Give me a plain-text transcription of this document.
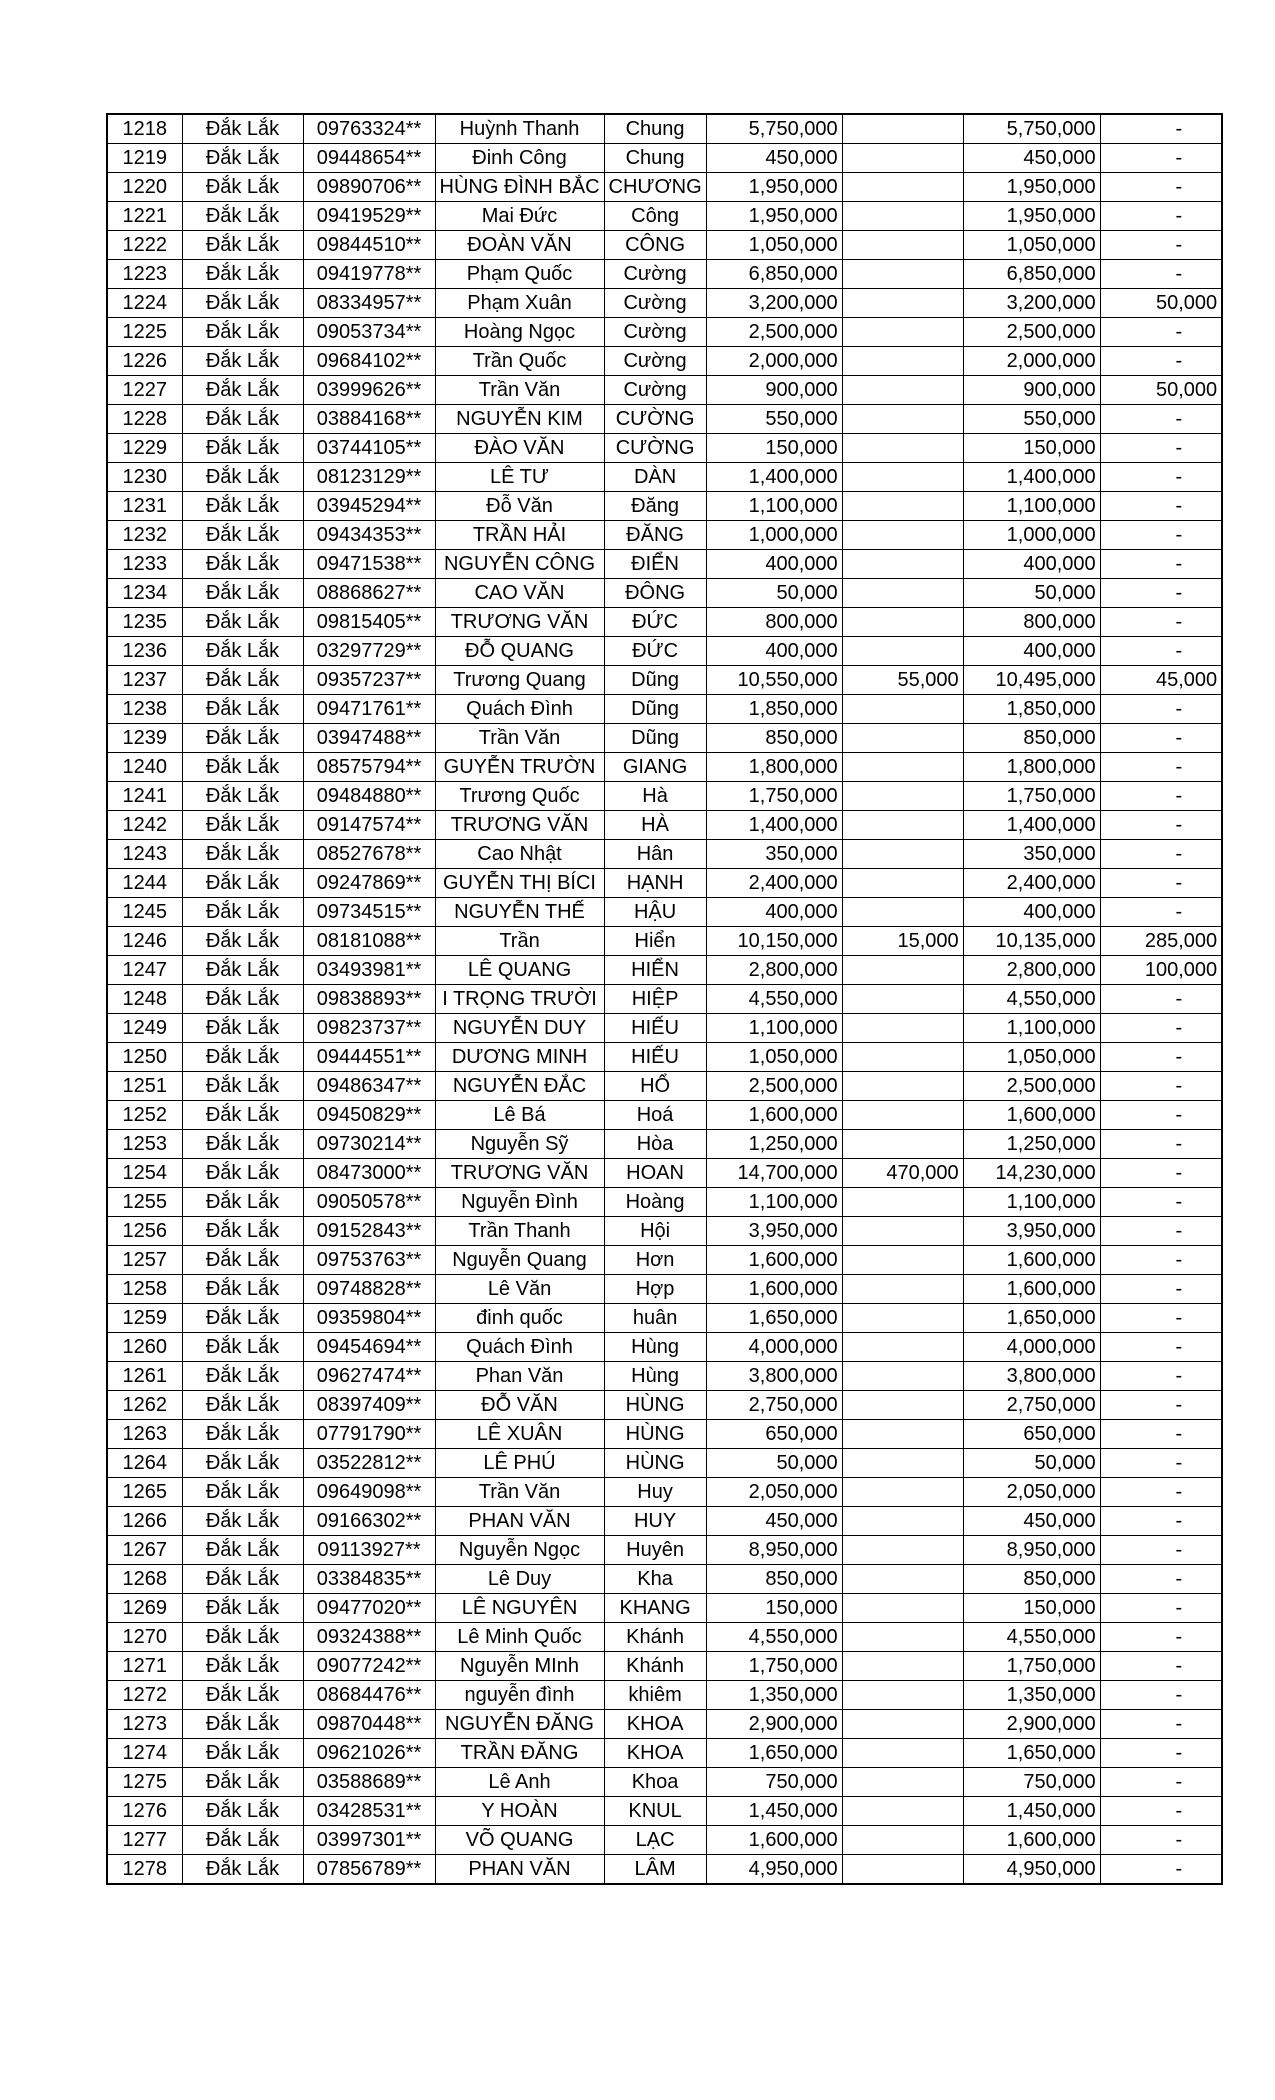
1218	Đắk Lắk	09763324**	Huỳnh Thanh	Chung	5,750,000		5,750,000	-
1219	Đắk Lắk	09448654**	Đinh Công	Chung	450,000		450,000	-
1220	Đắk Lắk	09890706**	HÙNG ĐÌNH BẮC	CHƯƠNG	1,950,000		1,950,000	-
1221	Đắk Lắk	09419529**	Mai Đức	Công	1,950,000		1,950,000	-
1222	Đắk Lắk	09844510**	ĐOÀN VĂN	CÔNG	1,050,000		1,050,000	-
1223	Đắk Lắk	09419778**	Phạm Quốc	Cường	6,850,000		6,850,000	-
1224	Đắk Lắk	08334957**	Phạm Xuân	Cường	3,200,000		3,200,000	50,000
1225	Đắk Lắk	09053734**	Hoàng Ngọc	Cường	2,500,000		2,500,000	-
1226	Đắk Lắk	09684102**	Trần Quốc	Cường	2,000,000		2,000,000	-
1227	Đắk Lắk	03999626**	Trần Văn	Cường	900,000		900,000	50,000
1228	Đắk Lắk	03884168**	NGUYỄN KIM	CƯỜNG	550,000		550,000	-
1229	Đắk Lắk	03744105**	ĐÀO VĂN	CƯỜNG	150,000		150,000	-
1230	Đắk Lắk	08123129**	LÊ TƯ	DÀN	1,400,000		1,400,000	-
1231	Đắk Lắk	03945294**	Đỗ Văn	Đăng	1,100,000		1,100,000	-
1232	Đắk Lắk	09434353**	TRẦN HẢI	ĐĂNG	1,000,000		1,000,000	-
1233	Đắk Lắk	09471538**	NGUYỄN CÔNG	ĐIỂN	400,000		400,000	-
1234	Đắk Lắk	08868627**	CAO VĂN	ĐÔNG	50,000		50,000	-
1235	Đắk Lắk	09815405**	TRƯƠNG VĂN	ĐỨC	800,000		800,000	-
1236	Đắk Lắk	03297729**	ĐỖ QUANG	ĐỨC	400,000		400,000	-
1237	Đắk Lắk	09357237**	Trương Quang	Dũng	10,550,000	55,000	10,495,000	45,000
1238	Đắk Lắk	09471761**	Quách Đình	Dũng	1,850,000		1,850,000	-
1239	Đắk Lắk	03947488**	Trần Văn	Dũng	850,000		850,000	-
1240	Đắk Lắk	08575794**	GUYỄN TRƯỜN	GIANG	1,800,000		1,800,000	-
1241	Đắk Lắk	09484880**	Trương Quốc	Hà	1,750,000		1,750,000	-
1242	Đắk Lắk	09147574**	TRƯƠNG VĂN	HÀ	1,400,000		1,400,000	-
1243	Đắk Lắk	08527678**	Cao Nhật	Hân	350,000		350,000	-
1244	Đắk Lắk	09247869**	GUYỄN THỊ BÍCI	HẠNH	2,400,000		2,400,000	-
1245	Đắk Lắk	09734515**	NGUYỄN THẾ	HẬU	400,000		400,000	-
1246	Đắk Lắk	08181088**	Trần	Hiển	10,150,000	15,000	10,135,000	285,000
1247	Đắk Lắk	03493981**	LÊ QUANG	HIỂN	2,800,000		2,800,000	100,000
1248	Đắk Lắk	09838893**	I TRỌNG TRƯỜI	HIỆP	4,550,000		4,550,000	-
1249	Đắk Lắk	09823737**	NGUYỄN DUY	HIẾU	1,100,000		1,100,000	-
1250	Đắk Lắk	09444551**	DƯƠNG MINH	HIẾU	1,050,000		1,050,000	-
1251	Đắk Lắk	09486347**	NGUYỄN ĐẮC	HỔ	2,500,000		2,500,000	-
1252	Đắk Lắk	09450829**	Lê Bá	Hoá	1,600,000		1,600,000	-
1253	Đắk Lắk	09730214**	Nguyễn Sỹ	Hòa	1,250,000		1,250,000	-
1254	Đắk Lắk	08473000**	TRƯƠNG VĂN	HOAN	14,700,000	470,000	14,230,000	-
1255	Đắk Lắk	09050578**	Nguyễn Đình	Hoàng	1,100,000		1,100,000	-
1256	Đắk Lắk	09152843**	Trần Thanh	Hội	3,950,000		3,950,000	-
1257	Đắk Lắk	09753763**	Nguyễn Quang	Hơn	1,600,000		1,600,000	-
1258	Đắk Lắk	09748828**	Lê Văn	Hợp	1,600,000		1,600,000	-
1259	Đắk Lắk	09359804**	đinh quốc	huân	1,650,000		1,650,000	-
1260	Đắk Lắk	09454694**	Quách Đình	Hùng	4,000,000		4,000,000	-
1261	Đắk Lắk	09627474**	Phan Văn	Hùng	3,800,000		3,800,000	-
1262	Đắk Lắk	08397409**	ĐỖ VĂN	HÙNG	2,750,000		2,750,000	-
1263	Đắk Lắk	07791790**	LÊ XUÂN	HÙNG	650,000		650,000	-
1264	Đắk Lắk	03522812**	LÊ PHÚ	HÙNG	50,000		50,000	-
1265	Đắk Lắk	09649098**	Trần Văn	Huy	2,050,000		2,050,000	-
1266	Đắk Lắk	09166302**	PHAN VĂN	HUY	450,000		450,000	-
1267	Đắk Lắk	09113927**	Nguyễn Ngọc	Huyên	8,950,000		8,950,000	-
1268	Đắk Lắk	03384835**	Lê Duy	Kha	850,000		850,000	-
1269	Đắk Lắk	09477020**	LÊ NGUYÊN	KHANG	150,000		150,000	-
1270	Đắk Lắk	09324388**	Lê Minh Quốc	Khánh	4,550,000		4,550,000	-
1271	Đắk Lắk	09077242**	Nguyễn MInh	Khánh	1,750,000		1,750,000	-
1272	Đắk Lắk	08684476**	nguyễn đình	khiêm	1,350,000		1,350,000	-
1273	Đắk Lắk	09870448**	NGUYỄN ĐĂNG	KHOA	2,900,000		2,900,000	-
1274	Đắk Lắk	09621026**	TRẦN ĐĂNG	KHOA	1,650,000		1,650,000	-
1275	Đắk Lắk	03588689**	Lê Anh	Khoa	750,000		750,000	-
1276	Đắk Lắk	03428531**	Y HOÀN	KNUL	1,450,000		1,450,000	-
1277	Đắk Lắk	03997301**	VÕ QUANG	LẠC	1,600,000		1,600,000	-
1278	Đắk Lắk	07856789**	PHAN VĂN	LÂM	4,950,000		4,950,000	-
